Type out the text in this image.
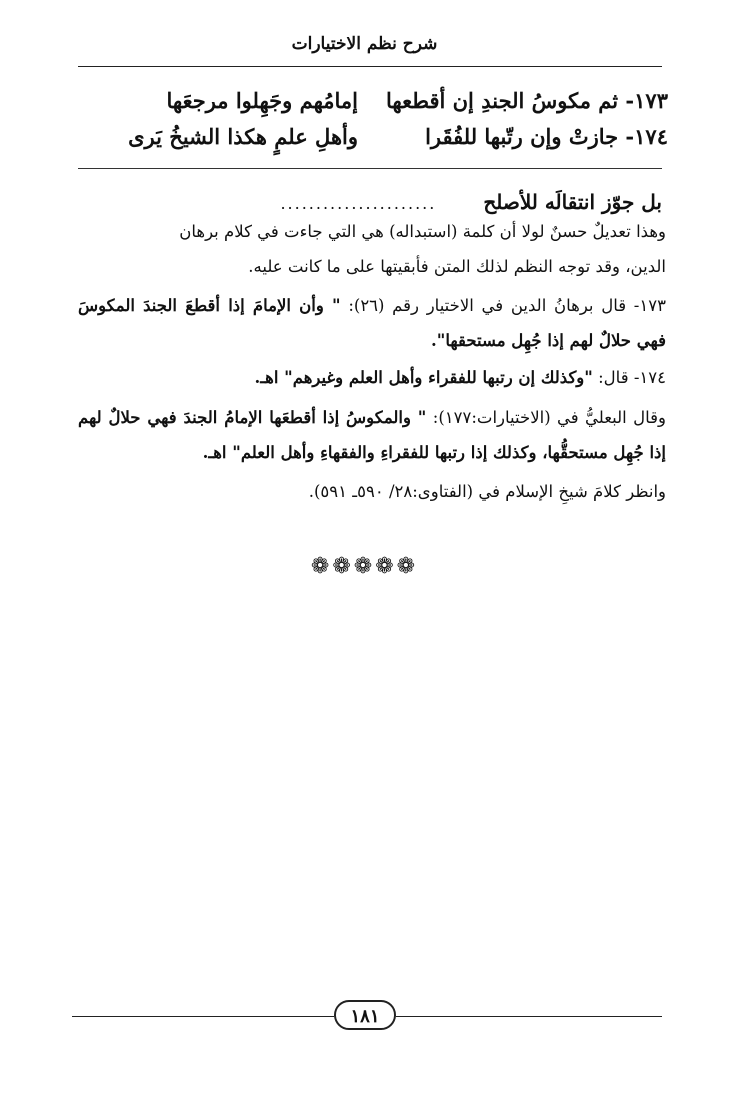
شرح نظم الاختيارات
١٧٣- ثم مكوسُ الجندِ إن أقطعها
إمامُهم وجَهِلوا مرجعَها
١٧٤- جازتْ وإن رتّبها للفُقَرا
وأهلِ علمٍ هكذا الشيخُ يَرى
بل جوّز انتقالَه للأصلح ......................
وهذا تعديلٌ حسنٌ لولا أن كلمة (استبداله) هي التي جاءت في كلام برهان
الدين، وقد توجه النظم لذلك المتن فأبقيتها على ما كانت عليه.
١٧٣- قال برهانُ الدين في الاختيار رقم (٢٦): " وأن الإمامَ إذا أقطعَ الجندَ المكوسَ فهي حلالٌ لهم إذا جُهِل مستحقها".
١٧٤- قال: "وكذلك إن رتبها للفقراء وأهل العلم وغيرهم" اهـ.
وقال البعليُّ في (الاختيارات:١٧٧): " والمكوسُ إذا أقطعَها الإمامُ الجندَ فهي حلالٌ لهم إذا جُهِل مستحقُّها، وكذلك إذا رتبها للفقراءِ والفقهاءِ وأهل العلم" اهـ.
وانظر كلامَ شيخِ الإسلام في (الفتاوى:٢٨/ ٥٩٠ـ ٥٩١).
❁❁❁❁❁
١٨١
